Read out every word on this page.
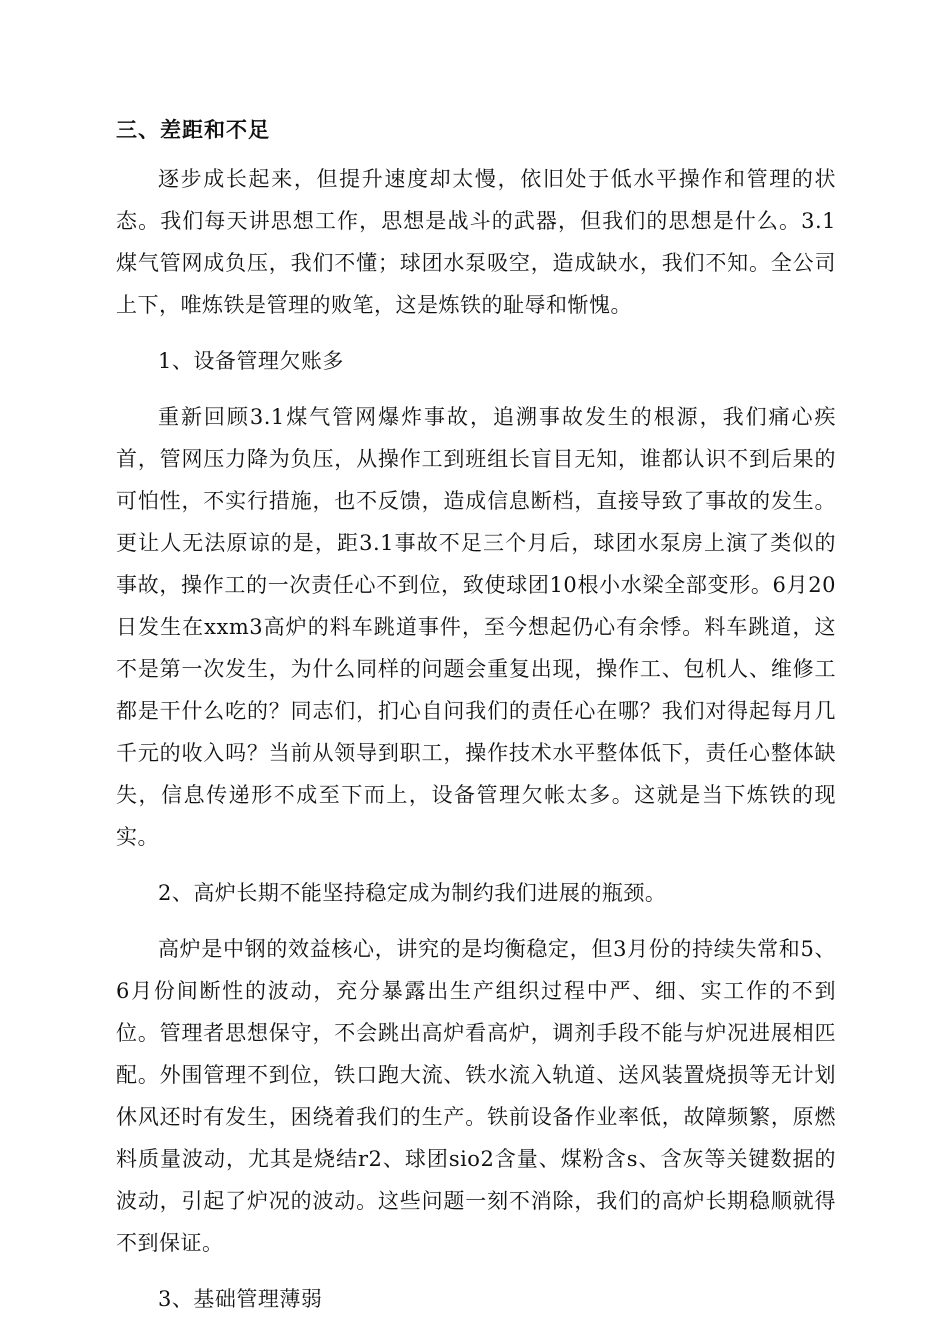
三、差距和不足

逐步成长起来，但提升速度却太慢，依旧处于低水平操作和管理的状态。我们每天讲思想工作，思想是战斗的武器，但我们的思想是什么。3.1煤气管网成负压，我们不懂；球团水泵吸空，造成缺水，我们不知。全公司上下，唯炼铁是管理的败笔，这是炼铁的耻辱和惭愧。

1、设备管理欠账多

重新回顾3.1煤气管网爆炸事故，追溯事故发生的根源，我们痛心疾首，管网压力降为负压，从操作工到班组长盲目无知，谁都认识不到后果的可怕性，不实行措施，也不反馈，造成信息断档，直接导致了事故的发生。更让人无法原谅的是，距3.1事故不足三个月后，球团水泵房上演了类似的事故，操作工的一次责任心不到位，致使球团10根小水梁全部变形。6月20日发生在xxm3高炉的料车跳道事件，至今想起仍心有余悸。料车跳道，这不是第一次发生，为什么同样的问题会重复出现，操作工、包机人、维修工都是干什么吃的？同志们，扪心自问我们的责任心在哪？我们对得起每月几千元的收入吗？当前从领导到职工，操作技术水平整体低下，责任心整体缺失，信息传递形不成至下而上，设备管理欠帐太多。这就是当下炼铁的现实。

2、高炉长期不能坚持稳定成为制约我们进展的瓶颈。

高炉是中钢的效益核心，讲究的是均衡稳定，但3月份的持续失常和5、6月份间断性的波动，充分暴露出生产组织过程中严、细、实工作的不到位。管理者思想保守，不会跳出高炉看高炉，调剂手段不能与炉况进展相匹配。外围管理不到位，铁口跑大流、铁水流入轨道、送风装置烧损等无计划休风还时有发生，困绕着我们的生产。铁前设备作业率低，故障频繁，原燃料质量波动，尤其是烧结r2、球团sio2含量、煤粉含s、含灰等关键数据的波动，引起了炉况的波动。这些问题一刻不消除，我们的高炉长期稳顺就得不到保证。

3、基础管理薄弱
